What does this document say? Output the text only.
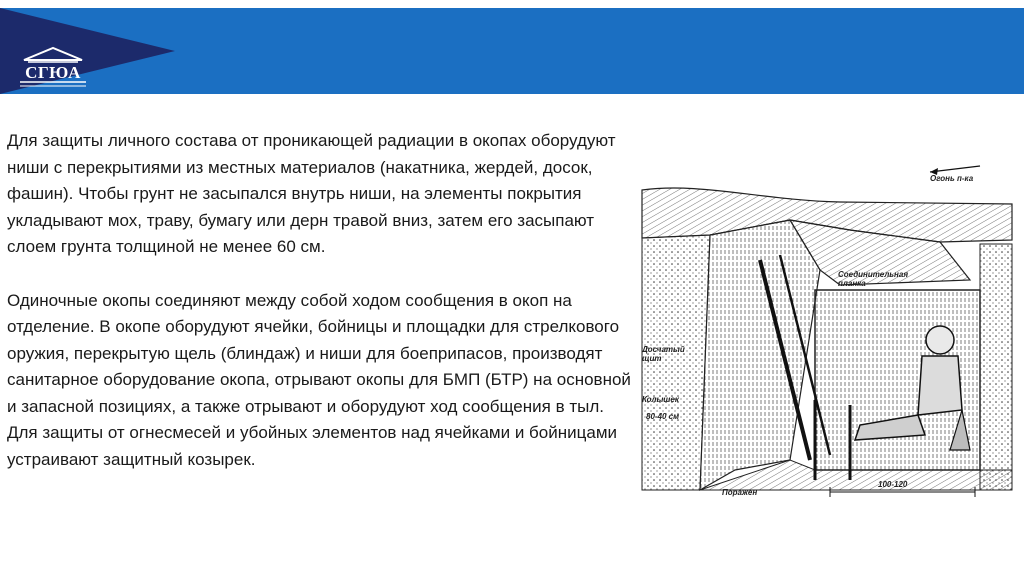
СГЮА

Для защиты личного состава от проникающей радиации в окопах оборудуют ниши с перекрытиями из местных материалов (накатника, жердей, досок, фашин). Чтобы грунт не засыпался внутрь ниши, на элементы покрытия укладывают мох, траву, бумагу или дерн травой вниз, затем его засыпают слоем грунта толщиной не менее 60 см.

Одиночные окопы соединяют между собой ходом сообщения в окоп на отделение. В окопе оборудуют ячейки, бойницы и площадки для стрелкового оружия, перекрытую щель (блиндаж) и ниши для боеприпасов, производят санитарное оборудование окопа, отрывают окопы для БМП (БТР) на основной и запасной позициях, а также отрывают и оборудуют ход сообщения в тыл.

Для защиты от огнесмесей и убойных элементов над ячейками и бойницами устраивают защитный козырек.

Огонь п-ка
Соединительная планка
Досчатый щит
Колышек
80-40 см
Поражен
100-120
